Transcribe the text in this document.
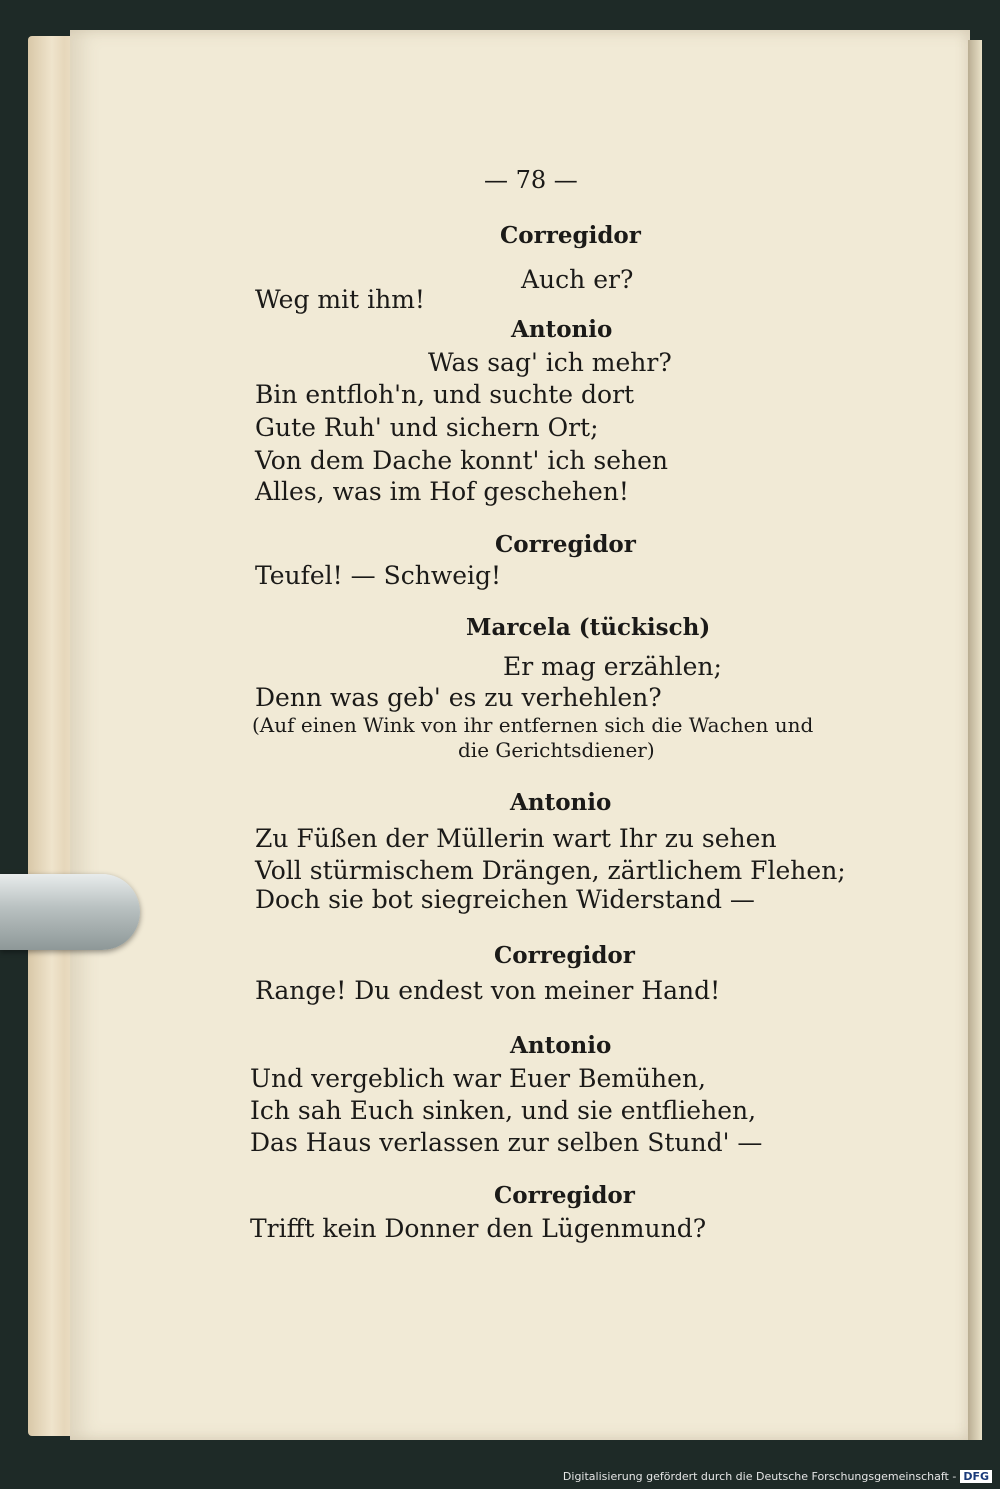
— 78 —
Corregidor
Auch er?
Weg mit ihm!
Antonio
Was sag' ich mehr?
Bin entfloh'n, und suchte dort
Gute Ruh' und sichern Ort;
Von dem Dache konnt' ich sehen
Alles, was im Hof geschehen!
Corregidor
Teufel! — Schweig!
Marcela (tückisch)
Er mag erzählen;
Denn was geb' es zu verhehlen?
(Auf einen Wink von ihr entfernen sich die Wachen und
die Gerichtsdiener)
Antonio
Zu Füßen der Müllerin wart Ihr zu sehen
Voll stürmischem Drängen, zärtlichem Flehen;
Doch sie bot siegreichen Widerstand —
Corregidor
Range! Du endest von meiner Hand!
Antonio
Und vergeblich war Euer Bemühen,
Ich sah Euch sinken, und sie entfliehen,
Das Haus verlassen zur selben Stund' —
Corregidor
Trifft kein Donner den Lügenmund?
Digitalisierung gefördert durch die Deutsche Forschungsgemeinschaft - DFG
